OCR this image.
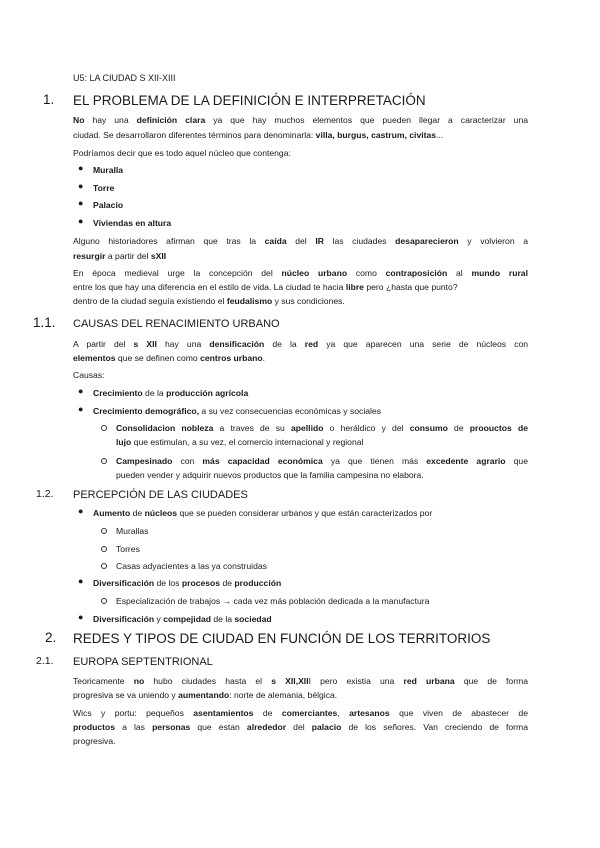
U5: LA CIUDAD S XII-XIII
1. EL PROBLEMA DE LA DEFINICIÓN E INTERPRETACIÓN
No hay una definición clara ya que hay muchos elementos que pueden llegar a caracterizar una
ciudad. Se desarrollaron diferentes términos para denominarla: villa, burgus, castrum, civitas...
Podríamos decir que es todo aquel núcleo que contenga:
● Muralla
● Torre
● Palacio
● Viviendas en altura
Alguno historiadores afirman que tras la caída del IR las ciudades desaparecieron y volvieron a
resurgir a partir del sXII
En época medieval urge la concepción del núcleo urbano como contraposición al mundo rural
entre los que hay una diferencia en el estilo de vida. La ciudad te hacia libre pero ¿hasta que punto?
dentro de la ciudad seguía existiendo el feudalismo y sus condiciones.
1.1. CAUSAS DEL RENACIMIENTO URBANO
A partir del s XII hay una densificación de la red ya que aparecen una serie de núcleos con
elementos que se definen como centros urbano.
Causas:
● Crecimiento de la producción agrícola
● Crecimiento demográfico, a su vez consecuencias económicas y sociales
Consolidacion nobleza a traves de su apellido o heráldico y del consumo de proouctos de
lujo que estimulan, a su vez, el comercio internacional y regional
Campesinado con más capacidad económica ya que tienen más excedente agrario que
pueden vender y adquirir nuevos productos que la familia campesina no elabora.
1.2. PERCEPCIÓN DE LAS CIUDADES
● Aumento de núcleos que se pueden considerar urbanos y que están caracterizados por
Murallas
Torres
Casas adyacientes a las ya construidas
● Diversificación de los procesos de producción
Especialización de trabajos → cada vez más población dedicada a la manufactura
● Diversificación y compejidad de la sociedad
2. REDES Y TIPOS DE CIUDAD EN FUNCIÓN DE LOS TERRITORIOS
2.1. EUROPA SEPTENTRIONAL
Teoricamente no hubo ciudades hasta el s XII,XIII pero existia una red urbana que de forma
progresiva se va uniendo y aumentando: norte de alemania, bélgica.
Wics y portu: pequeños asentamientos de comerciantes, artesanos que viven de abastecer de
productos a las personas que estan alrededor del palacio de los señores. Van creciendo de forma
progresiva.
